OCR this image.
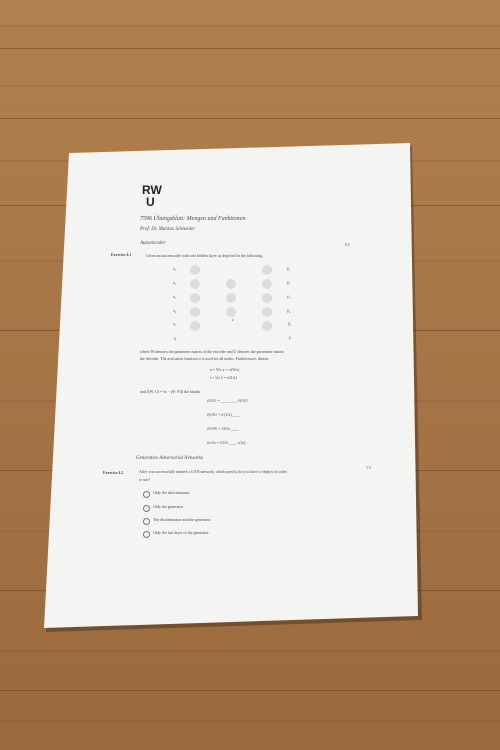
RW
U
7596 Übungsblatt: Mengen und Funktionen
Prof. Dr. Markus Schneider
Autoencoder	0.5
Exercise 4.1	Given an autoencoder with one hidden layer as depicted in the following.
x₁
x₂
x₃
x₄
x₅
b
z
ŷ₁
ŷ₂
ŷ₃
ŷ₄
ŷ₅
ŷ
where W denotes the parameter matrix of the encoder and U denotes the parameter matrix
the decoder. The activation function σ is used for all nodes. Furthermore, denote
a = Wx z = σ(Wx)
t = Uz ŷ = σ(Uz)
and J(W, U) = ‖x − ŷ‖². Fill the blanks
∂J/∂U = ________ ∂ŷ/∂U
∂ŷ/∂U = σ′(Uz) ____
∂J/∂W = ∂J/∂z ____
∂z/∂x = ∂J/∂t ____ σ′(z)
Generative Adversarial Networks
1.5
Exercise 4.2	After you successfully trained a GAN network, which part(s) do you have to deploy in order
to use?
Only the discriminator.
Only the generator.
The discriminator and the generator.
Only the last layer of the generator.
